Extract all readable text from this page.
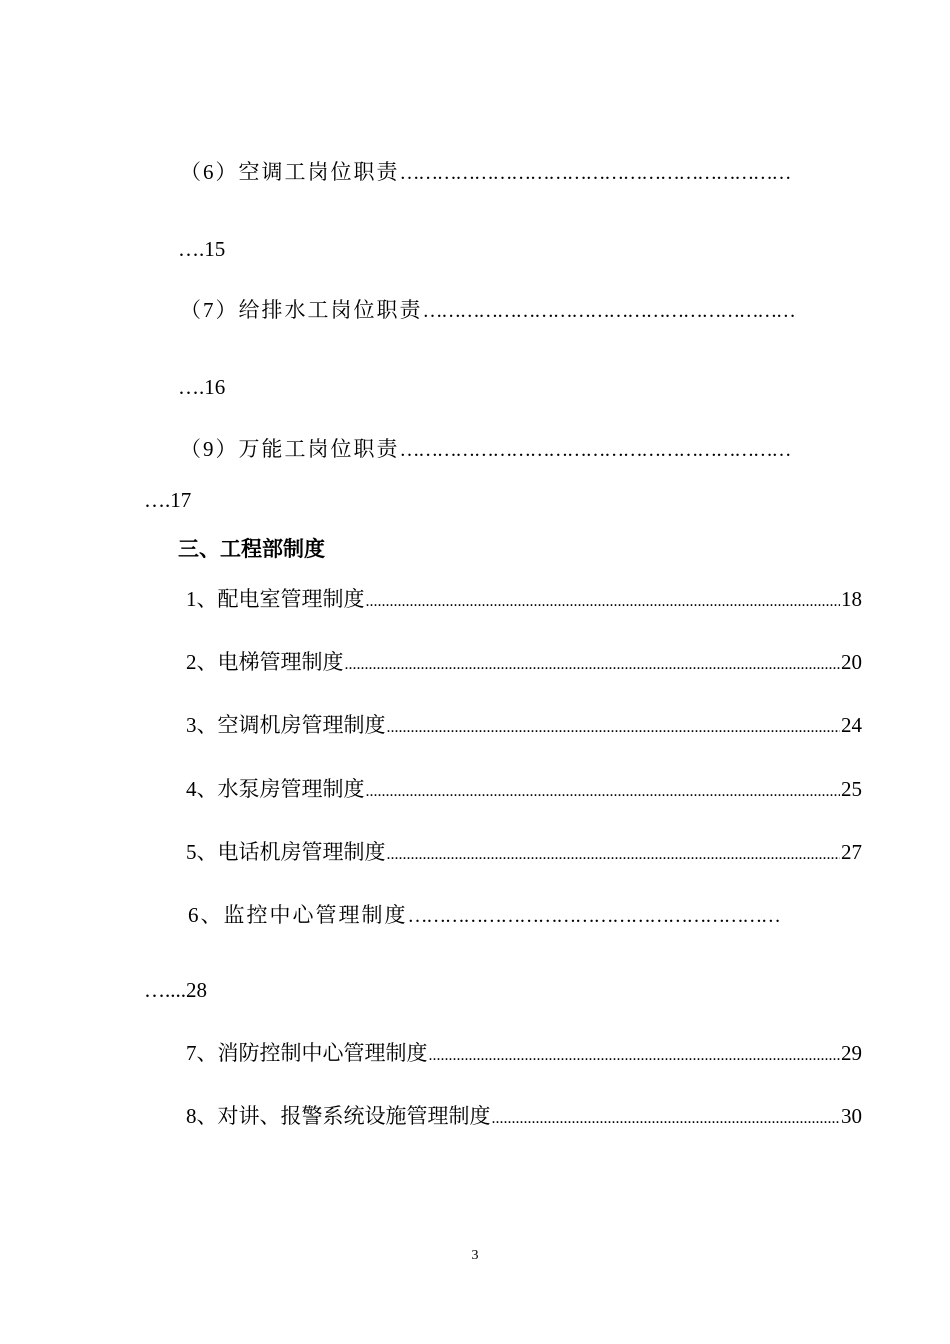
（6）空调工岗位职责………………………………………………………
….15
（7）给排水工岗位职责……………………………………………………
….16
（9）万能工岗位职责………………………………………………………
….17
三、工程部制度
1、配电室管理制度 .....	18
2、电梯管理制度 .....	20
3、空调机房管理制度 .....	24
4、水泵房管理制度 .....	25
5、电话机房管理制度 .....	27
6、监控中心管理制度……………………………………………………
…....28
7、消防控制中心管理制度 .....	29
8、对讲、报警系统设施管理制度 .....	30
3
